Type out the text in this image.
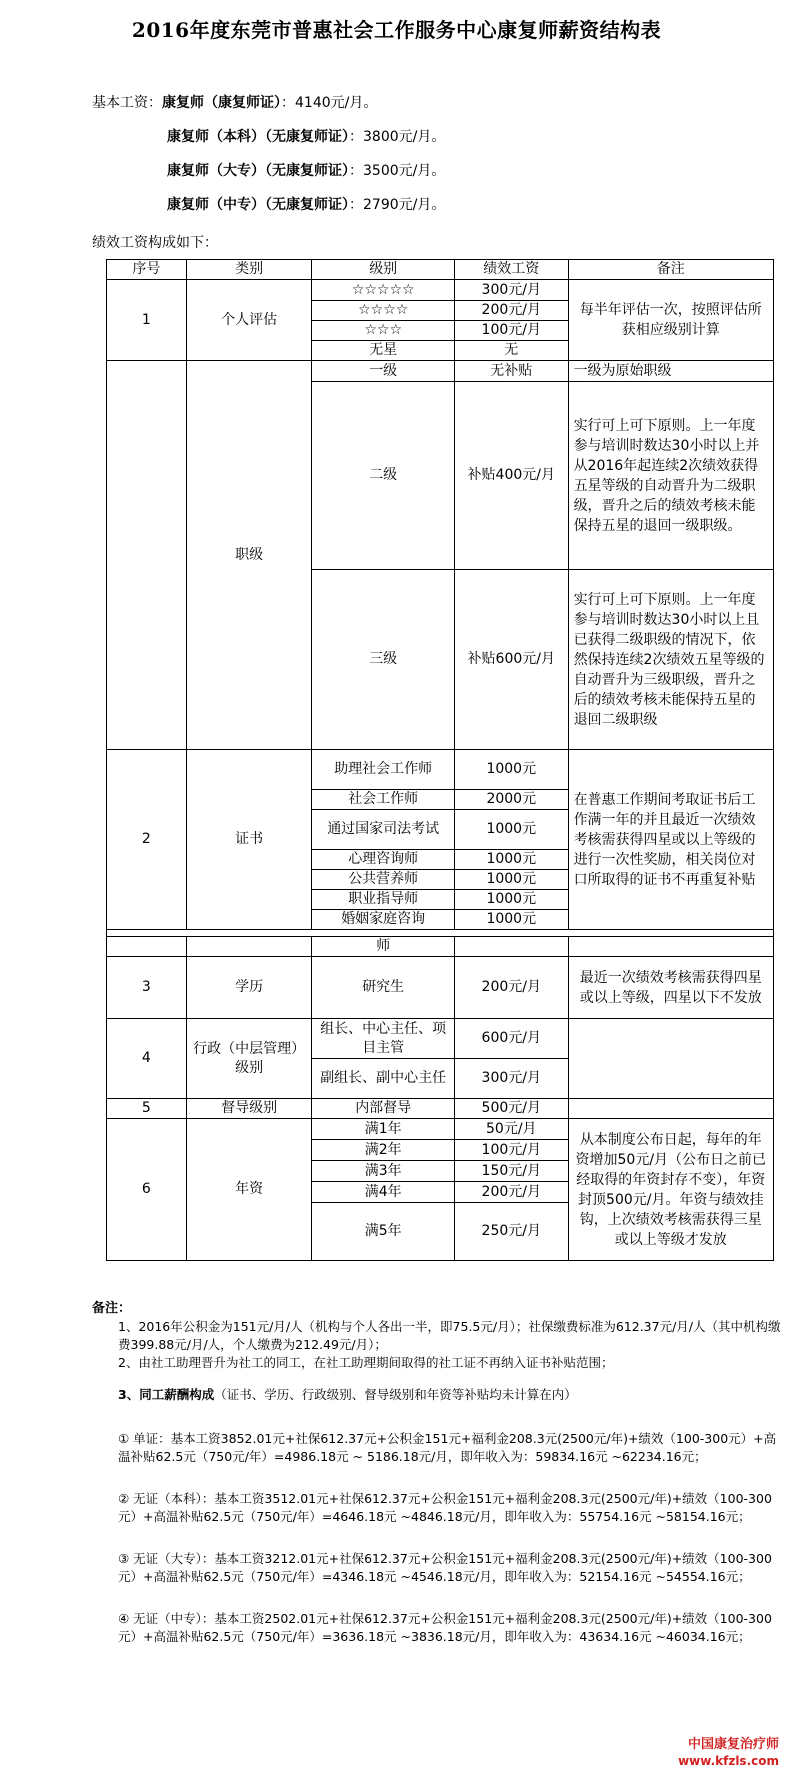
2016年度东莞市普惠社会工作服务中心康复师薪资结构表
基本工资：康复师（康复师证）：4140元/月。
康复师（本科）（无康复师证）：3800元/月。
康复师（大专）（无康复师证）：3500元/月。
康复师（中专）（无康复师证）：2790元/月。
绩效工资构成如下：
序号	类别	级别	绩效工资	备注
1	个人评估	☆☆☆☆☆	300元/月	每半年评估一次，按照评估所获相应级别计算
		☆☆☆☆	200元/月	
		☆☆☆	100元/月	
		无星	无	
	职级	一级	无补贴	一级为原始职级
		二级	补贴400元/月	实行可上可下原则。上一年度参与培训时数达30小时以上并从2016年起连续2次绩效获得五星等级的自动晋升为二级职级，晋升之后的绩效考核未能保持五星的退回一级职级。
		三级	补贴600元/月	实行可上可下原则。上一年度参与培训时数达30小时以上且已获得二级职级的情况下，依然保持连续2次绩效五星等级的自动晋升为三级职级，晋升之后的绩效考核未能保持五星的退回二级职级
2	证书	助理社会工作师	1000元	在普惠工作期间考取证书后工作满一年的并且最近一次绩效考核需获得四星或以上等级的进行一次性奖励，相关岗位对口所取得的证书不再重复补贴
		社会工作师	2000元	
		通过国家司法考试	1000元	
		心理咨询师	1000元	
		公共营养师	1000元	
		职业指导师	1000元	
		婚姻家庭咨询	1000元	

		师		
3	学历	研究生	200元/月	最近一次绩效考核需获得四星或以上等级，四星以下不发放
4	行政（中层管理）级别	组长、中心主任、项目主管	600元/月	
		副组长、副中心主任	300元/月	
5	督导级别	内部督导	500元/月	
6	年资	满1年	50元/月	从本制度公布日起，每年的年资增加50元/月（公布日之前已经取得的年资封存不变），年资封顶500元/月。年资与绩效挂钩，上次绩效考核需获得三星或以上等级才发放
		满2年	100元/月	
		满3年	150元/月	
		满4年	200元/月	
		满5年	250元/月	

备注：

1、2016年公积金为151元/月/人（机构与个人各出一半，即75.5元/月）；社保缴费标准为612.37元/月/人（其中机构缴费399.88元/月/人，个人缴费为212.49元/月）；

2、由社工助理晋升为社工的同工，在社工助理期间取得的社工证不再纳入证书补贴范围；

3、同工薪酬构成（证书、学历、行政级别、督导级别和年资等补贴均未计算在内）

① 单证：基本工资3852.01元+社保612.37元+公积金151元+福利金208.3元(2500元/年)+绩效（100-300元）+高温补贴62.5元（750元/年）=4986.18元 ~ 5186.18元/月，即年收入为：59834.16元 ~62234.16元；

② 无证（本科）：基本工资3512.01元+社保612.37元+公积金151元+福利金208.3元(2500元/年)+绩效（100-300元）+高温补贴62.5元（750元/年）=4646.18元 ~4846.18元/月，即年收入为：55754.16元 ~58154.16元；

③ 无证（大专）：基本工资3212.01元+社保612.37元+公积金151元+福利金208.3元(2500元/年)+绩效（100-300元）+高温补贴62.5元（750元/年）=4346.18元 ~4546.18元/月，即年收入为：52154.16元 ~54554.16元；

④ 无证（中专）：基本工资2502.01元+社保612.37元+公积金151元+福利金208.3元(2500元/年)+绩效（100-300元）+高温补贴62.5元（750元/年）=3636.18元 ~3836.18元/月，即年收入为：43634.16元 ~46034.16元；

中国康复治疗师
www.kfzls.com
